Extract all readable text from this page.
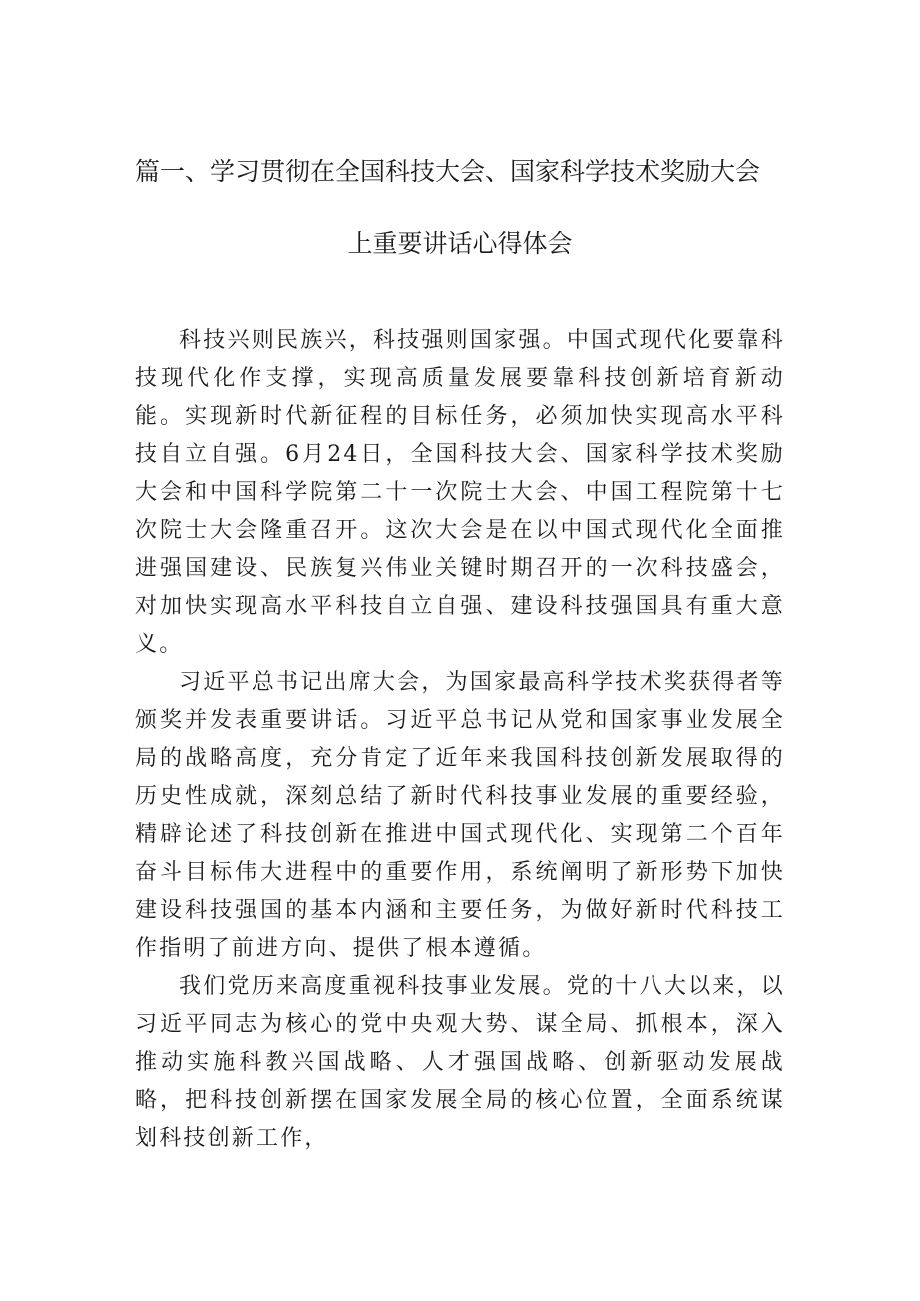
篇一、学习贯彻在全国科技大会、国家科学技术奖励大会
上重要讲话心得体会

科技兴则民族兴，科技强则国家强。中国式现代化要靠科技现代化作支撑，实现高质量发展要靠科技创新培育新动能。实现新时代新征程的目标任务，必须加快实现高水平科技自立自强。6月24日，全国科技大会、国家科学技术奖励大会和中国科学院第二十一次院士大会、中国工程院第十七次院士大会隆重召开。这次大会是在以中国式现代化全面推进强国建设、民族复兴伟业关键时期召开的一次科技盛会，对加快实现高水平科技自立自强、建设科技强国具有重大意义。

习近平总书记出席大会，为国家最高科学技术奖获得者等颁奖并发表重要讲话。习近平总书记从党和国家事业发展全局的战略高度，充分肯定了近年来我国科技创新发展取得的历史性成就，深刻总结了新时代科技事业发展的重要经验，精辟论述了科技创新在推进中国式现代化、实现第二个百年奋斗目标伟大进程中的重要作用，系统阐明了新形势下加快建设科技强国的基本内涵和主要任务，为做好新时代科技工作指明了前进方向、提供了根本遵循。

我们党历来高度重视科技事业发展。党的十八大以来，以习近平同志为核心的党中央观大势、谋全局、抓根本，深入推动实施科教兴国战略、人才强国战略、创新驱动发展战略，把科技创新摆在国家发展全局的核心位置，全面系统谋划科技创新工作，
